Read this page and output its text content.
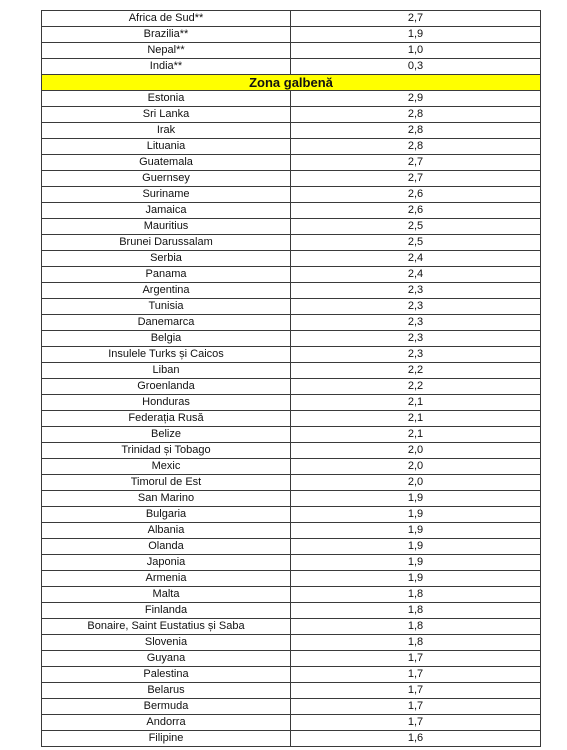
Africa de Sud**	2,7
Brazilia**	1,9
Nepal**	1,0
India**	0,3
Zona galbenă	
Estonia	2,9
Sri Lanka	2,8
Irak	2,8
Lituania	2,8
Guatemala	2,7
Guernsey	2,7
Suriname	2,6
Jamaica	2,6
Mauritius	2,5
Brunei Darussalam	2,5
Serbia	2,4
Panama	2,4
Argentina	2,3
Tunisia	2,3
Danemarca	2,3
Belgia	2,3
Insulele Turks și Caicos	2,3
Liban	2,2
Groenlanda	2,2
Honduras	2,1
Federația Rusă	2,1
Belize	2,1
Trinidad și Tobago	2,0
Mexic	2,0
Timorul de Est	2,0
San Marino	1,9
Bulgaria	1,9
Albania	1,9
Olanda	1,9
Japonia	1,9
Armenia	1,9
Malta	1,8
Finlanda	1,8
Bonaire, Saint Eustatius și Saba	1,8
Slovenia	1,8
Guyana	1,7
Palestina	1,7
Belarus	1,7
Bermuda	1,7
Andorra	1,7
Filipine	1,6
